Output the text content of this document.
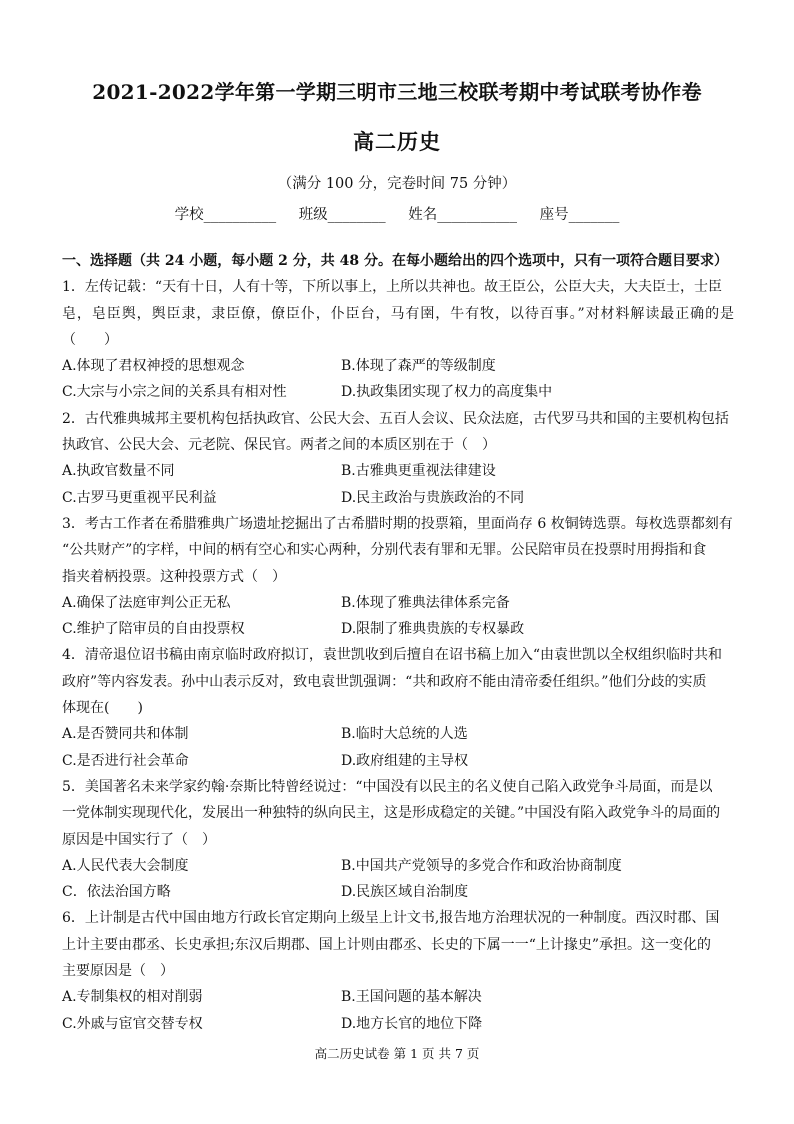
2021-2022学年第一学期三明市三地三校联考期中考试联考协作卷
高二历史
（满分 100 分，完卷时间 75 分钟）
学校__________ 班级________ 姓名___________ 座号_______
一、选择题（共 24 小题，每小题 2 分，共 48 分。在每小题给出的四个选项中，只有一项符合题目要求）
1．左传记载：“天有十日，人有十等，下所以事上，上所以共神也。故王臣公，公臣大夫，大夫臣士，士臣
皂，皂臣舆，舆臣隶，隶臣僚，僚臣仆，仆臣台，马有圉，牛有牧，以待百事。”对材料解读最正确的是（　　）
A.体现了君权神授的思想观念	B.体现了森严的等级制度
C.大宗与小宗之间的关系具有相对性	D.执政集团实现了权力的高度集中
2．古代雅典城邦主要机构包括执政官、公民大会、五百人会议、民众法庭，古代罗马共和国的主要机构包括
执政官、公民大会、元老院、保民官。两者之间的本质区别在于（　）
A.执政官数量不同	B.古雅典更重视法律建设
C.古罗马更重视平民利益	D.民主政治与贵族政治的不同
3．考古工作者在希腊雅典广场遗址挖掘出了古希腊时期的投票箱，里面尚存 6 枚铜铸选票。每枚选票都刻有
“公共财产”的字样，中间的柄有空心和实心两种，分别代表有罪和无罪。公民陪审员在投票时用拇指和食
指夹着柄投票。这种投票方式（　）
A.确保了法庭审判公正无私	B.体现了雅典法律体系完备
C.维护了陪审员的自由投票权	D.限制了雅典贵族的专权暴政
4．清帝退位诏书稿由南京临时政府拟订，袁世凯收到后擅自在诏书稿上加入“由袁世凯以全权组织临时共和
政府”等内容发表。孙中山表示反对，致电袁世凯强调：“共和政府不能由清帝委任组织。”他们分歧的实质
体现在(　　)
A.是否赞同共和体制	B.临时大总统的人选
C.是否进行社会革命	D.政府组建的主导权
5．美国著名未来学家约翰·奈斯比特曾经说过：“中国没有以民主的名义使自己陷入政党争斗局面，而是以
一党体制实现现代化，发展出一种独特的纵向民主，这是形成稳定的关键。”中国没有陷入政党争斗的局面的
原因是中国实行了（　）
A.人民代表大会制度	B.中国共产党领导的多党合作和政治协商制度
C．依法治国方略	D.民族区域自治制度
6．上计制是古代中国由地方行政长官定期向上级呈上计文书,报告地方治理状况的一种制度。西汉时郡、国
上计主要由郡丞、长史承担;东汉后期郡、国上计则由郡丞、长史的下属一一“上计掾史”承担。这一变化的
主要原因是（　）
A.专制集权的相对削弱	B.王国问题的基本解决
C.外戚与宦官交替专权	D.地方长官的地位下降
高二历史试卷 第 1 页 共 7 页
